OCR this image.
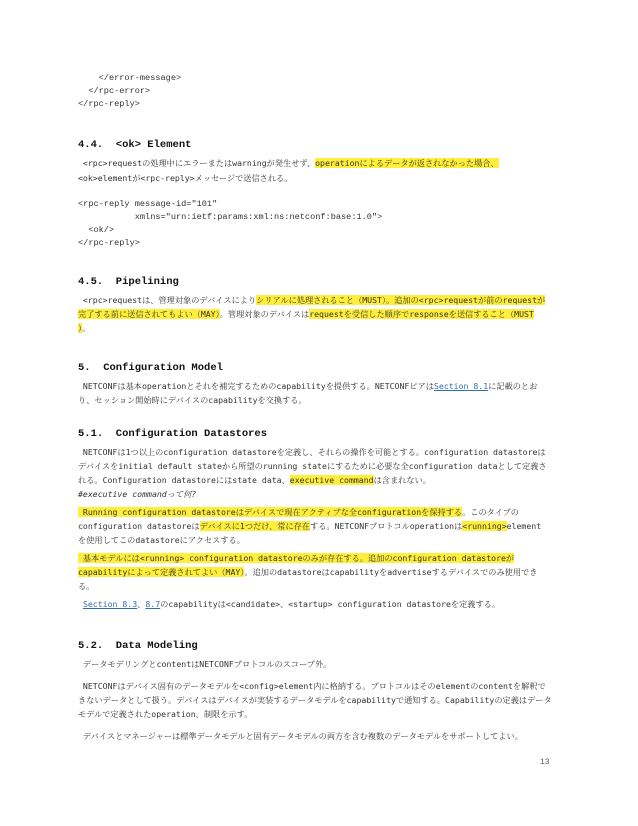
</error-message>
</rpc-error>
</rpc-reply>
4.4.  <ok> Element
<rpc>requestの処理中にエラーまたはwarningが発生せず、operationによるデータが返されなかった場合、
<ok>elementが<rpc-reply>メッセージで送信される。
<rpc-reply message-id="101"
xmlns="urn:ietf:params:xml:ns:netconf:base:1.0">
<ok/>
</rpc-reply>
4.5.  Pipelining
<rpc>requestは、管理対象のデバイスによりシリアルに処理されること（MUST）。追加の<rpc>requestが前のrequestが
完了する前に送信されてもよい（MAY）。管理対象のデバイスはrequestを受信した順序でresponseを送信すること（MUST
）。
5.  Configuration Model
NETCONFは基本operationとそれを補完するためのcapabilityを提供する。NETCONFピアはSection 8.1に記載のとお
り、セッション開始時にデバイスのcapabilityを交換する。
5.1.  Configuration Datastores
NETCONFは1つ以上のconfiguration datastoreを定義し、それらの操作を可能とする。configuration datastoreは
デバイスをinitial default stateから所望のrunning stateにするために必要な全configuration dataとして定義さ
れる。Configuration datastoreにはstate data、executive commandは含まれない。
#executive commandって何?
Running configuration datastoreはデバイスで現在アクティブな全configurationを保持する。このタイプの
configuration datastoreはデバイスに1つだけ、常に存在する。NETCONFプロトコルoperationは<running>element
を使用してこのdatastoreにアクセスする。
基本モデルには<running> configuration datastoreのみが存在する。追加のconfiguration datastoreが
capabilityによって定義されてよい（MAY）。追加のdatastoreはcapabilityをadvertiseするデバイスでのみ使用でき
る。
Section 8.3、8.7のcapabilityは<candidate>、<startup> configuration datastoreを定義する。
5.2.  Data Modeling
データモデリングとcontentはNETCONFプロトコルのスコープ外。
NETCONFはデバイス固有のデータモデルを<config>element内に格納する。プロトコルはそのelementのcontentを解釈で
きないデータとして扱う。デバイスはデバイスが実装するデータモデルをcapabilityで通知する。Capabilityの定義はデータ
モデルで定義されたoperation、制限を示す。
デバイスとマネージャーは標準データモデルと固有データモデルの両方を含む複数のデータモデルをサポートしてよい。
13
